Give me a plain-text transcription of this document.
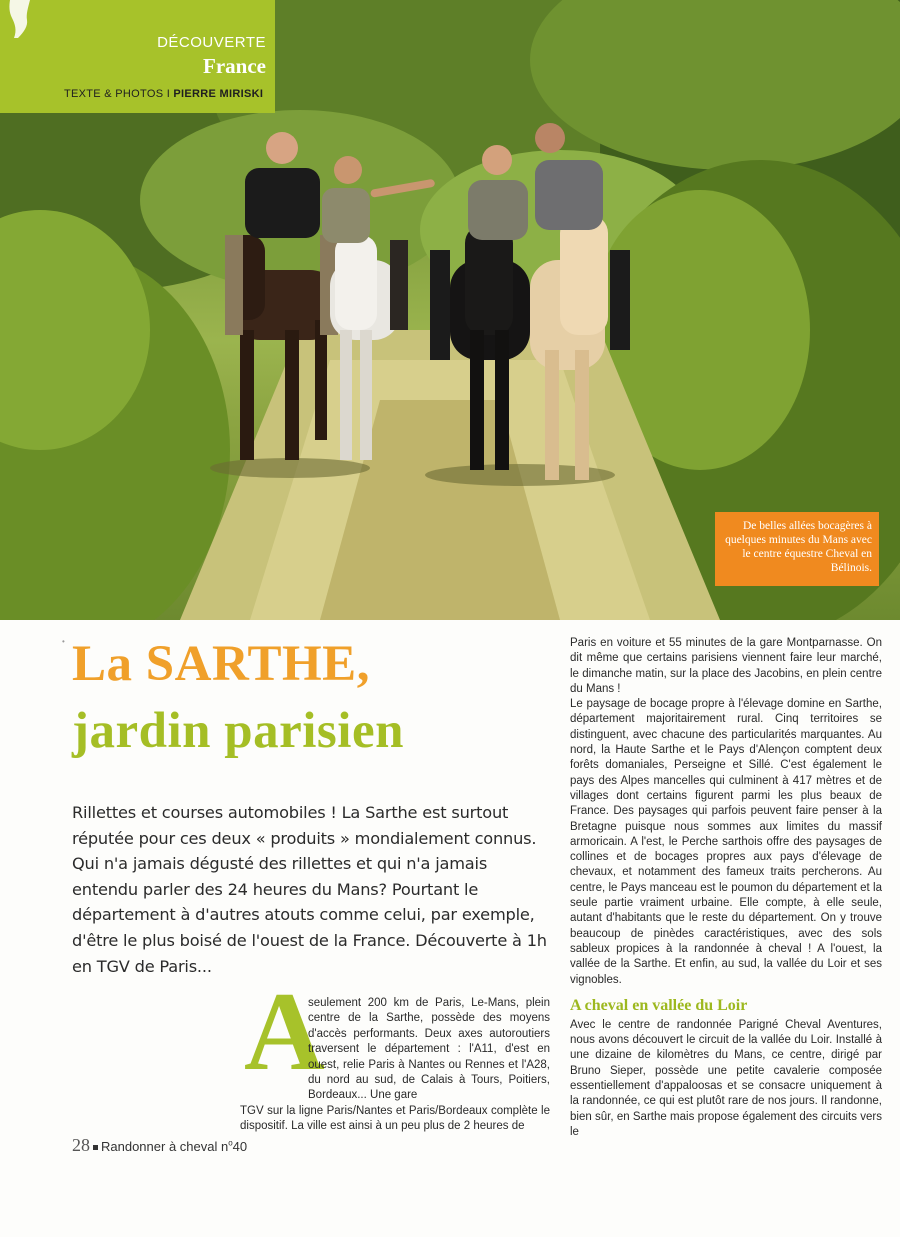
DÉCOUVERTE
France
TEXTE & PHOTOS I PIERRE MIRISKI
De belles allées bocagères à quelques minutes du Mans avec le centre équestre Cheval en Bélinois.
• La SARTHE,
jardin parisien
Rillettes et courses automobiles ! La Sarthe est surtout réputée pour ces deux « produits » mondialement connus. Qui n'a jamais dégusté des rillettes et qui n'a jamais entendu parler des 24 heures du Mans? Pourtant le département à d'autres atouts comme celui, par exemple, d'être le plus boisé de l'ouest de la France. Découverte à 1h en TGV de Paris...
A

seulement 200 km de Paris, Le-Mans, plein centre de la Sarthe, possède des moyens d'accès performants. Deux axes autoroutiers traversent le département : l'A11, d'est en ouest, relie Paris à Nantes ou Rennes et l'A28, du nord au sud, de Calais à Tours, Poitiers, Bordeaux... Une gare

TGV sur la ligne Paris/Nantes et Paris/Bordeaux complète le dispositif. La ville est ainsi à un peu plus de 2 heures de

Paris en voiture et 55 minutes de la gare Montparnasse. On dit même que certains parisiens viennent faire leur marché, le dimanche matin, sur la place des Jacobins, en plein centre du Mans !

Le paysage de bocage propre à l'élevage domine en Sarthe, département majoritairement rural. Cinq territoires se distinguent, avec chacune des particularités marquantes. Au nord, la Haute Sarthe et le Pays d'Alençon comptent deux forêts domaniales, Perseigne et Sillé. C'est également le pays des Alpes mancelles qui culminent à 417 mètres et de villages dont certains figurent parmi les plus beaux de France. Des paysages qui parfois peuvent faire penser à la Bretagne puisque nous sommes aux limites du massif armoricain. A l'est, le Perche sarthois offre des paysages de collines et de bocages propres aux pays d'élevage de chevaux, et notamment des fameux traits percherons. Au centre, le Pays manceau est le poumon du département et la seule partie vraiment urbaine. Elle compte, à elle seule, autant d'habitants que le reste du département. On y trouve beaucoup de pinèdes caractéristiques, avec des sols sableux propices à la randonnée à cheval ! A l'ouest, la vallée de la Sarthe. Et enfin, au sud, la vallée du Loir et ses vignobles.

A cheval en vallée du Loir

Avec le centre de randonnée Parigné Cheval Aventures, nous avons découvert le circuit de la vallée du Loir. Installé à une dizaine de kilomètres du Mans, ce centre, dirigé par Bruno Sieper, possède une petite cavalerie composée essentiellement d'appaloosas et se consacre uniquement à la randonnée, ce qui est plutôt rare de nos jours. Il randonne, bien sûr, en Sarthe mais propose également des circuits vers le

28 Randonner à cheval $n^o40$
